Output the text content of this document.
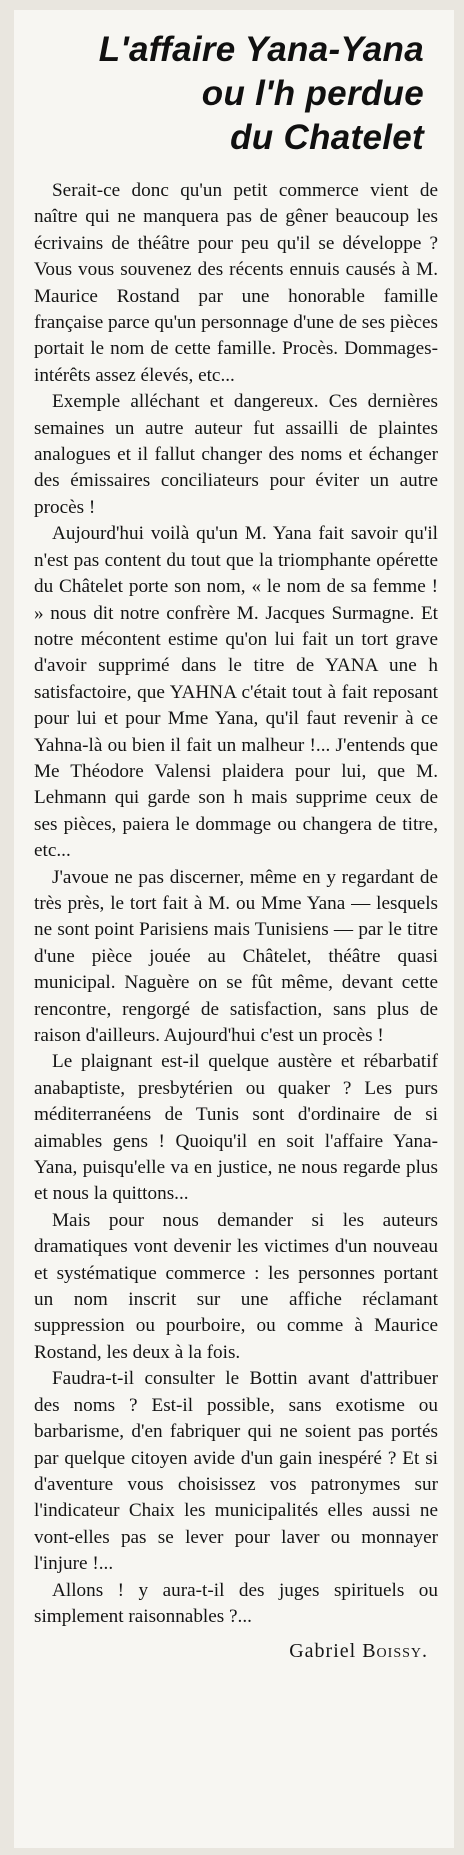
L'affaire Yana-Yana
ou l'h perdue
du Chatelet

Serait-ce donc qu'un petit commerce vient de naître qui ne manquera pas de gêner beaucoup les écrivains de théâtre pour peu qu'il se développe ? Vous vous souvenez des récents ennuis causés à M. Maurice Rostand par une honorable famille française parce qu'un personnage d'une de ses pièces portait le nom de cette famille. Procès. Dommages-intérêts assez élevés, etc...

Exemple alléchant et dangereux. Ces dernières semaines un autre auteur fut assailli de plaintes analogues et il fallut changer des noms et échanger des émissaires conciliateurs pour éviter un autre procès !

Aujourd'hui voilà qu'un M. Yana fait savoir qu'il n'est pas content du tout que la triomphante opérette du Châtelet porte son nom, « le nom de sa femme ! » nous dit notre confrère M. Jacques Surmagne. Et notre mécontent estime qu'on lui fait un tort grave d'avoir supprimé dans le titre de YANA une h satisfactoire, que YAHNA c'était tout à fait reposant pour lui et pour Mme Yana, qu'il faut revenir à ce Yahna-là ou bien il fait un malheur !... J'entends que Me Théodore Valensi plaidera pour lui, que M. Lehmann qui garde son h mais supprime ceux de ses pièces, paiera le dommage ou changera de titre, etc...

J'avoue ne pas discerner, même en y regardant de très près, le tort fait à M. ou Mme Yana — lesquels ne sont point Parisiens mais Tunisiens — par le titre d'une pièce jouée au Châtelet, théâtre quasi municipal. Naguère on se fût même, devant cette rencontre, rengorgé de satisfaction, sans plus de raison d'ailleurs. Aujourd'hui c'est un procès !

Le plaignant est-il quelque austère et rébarbatif anabaptiste, presbytérien ou quaker ? Les purs méditerranéens de Tunis sont d'ordinaire de si aimables gens ! Quoiqu'il en soit l'affaire Yana-Yana, puisqu'elle va en justice, ne nous regarde plus et nous la quittons...

Mais pour nous demander si les auteurs dramatiques vont devenir les victimes d'un nouveau et systématique commerce : les personnes portant un nom inscrit sur une affiche réclamant suppression ou pourboire, ou comme à Maurice Rostand, les deux à la fois.

Faudra-t-il consulter le Bottin avant d'attribuer des noms ? Est-il possible, sans exotisme ou barbarisme, d'en fabriquer qui ne soient pas portés par quelque citoyen avide d'un gain inespéré ? Et si d'aventure vous choisissez vos patronymes sur l'indicateur Chaix les municipalités elles aussi ne vont-elles pas se lever pour laver ou monnayer l'injure !...

Allons ! y aura-t-il des juges spirituels ou simplement raisonnables ?...

Gabriel Boissy.
